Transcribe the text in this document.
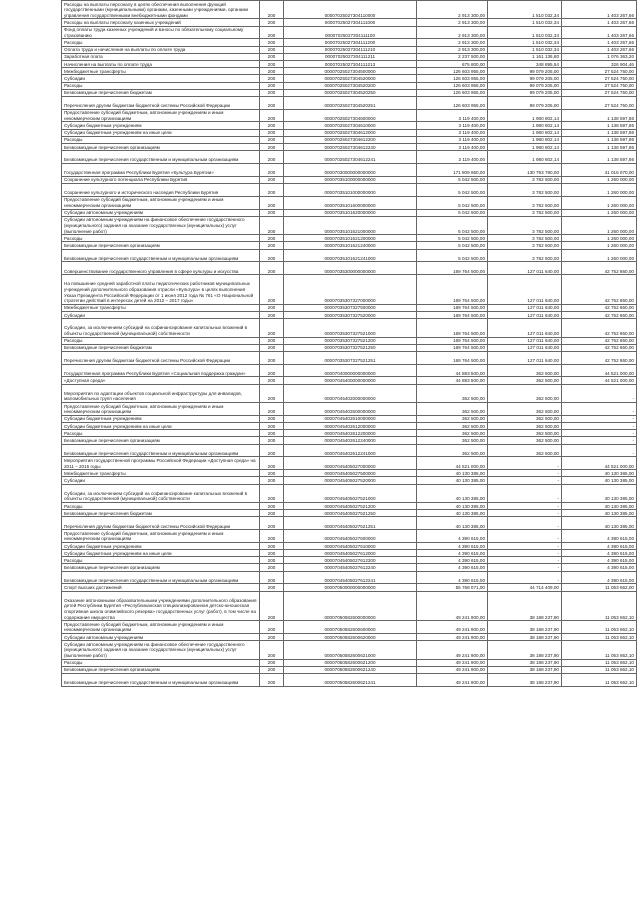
Расходы на выплаты персоналу в целях обеспечения выполнения функций государственными (муниципальными) органами, казенными учреждениями, органами управления государственными внебюджетными фондами	200	00007025027304110000	2 913 300,00	1 510 032,34	1 403 267,66
Расходы на выплаты персоналу казенных учреждений	200	00007025027304111000	2 913 300,00	1 510 032,34	1 403 267,66
Фонд оплаты труда казенных учреждений и взносы по обязательному социальному страхованию	200	00007025027304111100	2 913 300,00	1 510 032,34	1 403 267,66
Расходы	200	00007025027304111200	2 913 300,00	1 510 032,34	1 403 267,66
Оплата труда и начисления на выплаты по оплате труда	200	00007025027304111210	2 913 300,00	1 510 032,34	1 403 267,66
Заработная плата	200	00007025027304111211	2 237 500,00	1 161 136,80	1 076 363,20
Начисления на выплаты по оплате труда	200	00007025027304111213	675 800,00	348 895,54	326 904,46
Межбюджетные трансферты	200	00007025027304500000	126 603 955,00	99 079 205,00	27 524 750,00
Субсидии	200	00007025027304520000	126 603 955,00	99 079 205,00	27 524 750,00
Расходы	200	00007025027304520200	126 603 955,00	99 079 205,00	27 524 750,00
Безвозмездные перечисления бюджетам	200	00007025027304520250	126 603 955,00	99 079 205,00	27 524 750,00
Перечисления другим бюджетам бюджетной системы Российской Федерации	200	00007025027304520251	126 603 955,00	99 079 205,00	27 524 750,00
Предоставление субсидий бюджетным, автономным учреждениям и иным некоммерческим организациям	200	00007025027304600000	3 119 400,00	1 980 802,14	1 138 597,86
Субсидии бюджетным учреждениям	200	00007025027304610000	3 119 400,00	1 980 802,14	1 138 597,86
Субсидии бюджетным учреждениям на иные цели	200	00007025027304612000	3 119 400,00	1 980 802,14	1 138 597,86
Расходы	200	00007025027304612200	3 119 400,00	1 980 802,14	1 138 597,86
Безвозмездные перечисления организациям	200	00007025027304612240	3 119 400,00	1 980 802,14	1 138 597,86
Безвозмездные перечисления государственным и муниципальным организациям	200	00007025027304612241	3 119 400,00	1 980 802,14	1 138 597,86
Государственная программа Республики Бурятия «Культура Бурятии»	200	00007030000000000000	171 809 850,00	130 793 780,00	41 016 070,00
Сохранение культурного потенциала Республики Бурятия	200	00007035100000000000	5 042 500,00	3 782 500,00	1 260 000,00
Сохранение культурного и исторического наследия Республики Бурятия	200	00007035101000000000	5 042 500,00	3 782 500,00	1 260 000,00
Предоставление субсидий бюджетным, автономным учреждениям и иным некоммерческим организациям	200	00007035101600000000	5 042 500,00	3 782 500,00	1 260 000,00
Субсидии автономным учреждениям	200	00007035101620000000	5 042 500,00	3 782 500,00	1 260 000,00
Субсидии автономным учреждениям на финансовое обеспечение государственного (муниципального) задания на оказание государственных (муниципальных) услуг (выполнение работ)	200	00007035101621000000	5 042 500,00	3 782 500,00	1 260 000,00
Расходы	200	00007035101621200000	5 042 500,00	3 782 500,00	1 260 000,00
Безвозмездные перечисления организациям	200	00007035101621240000	5 042 500,00	3 782 500,00	1 260 000,00
Безвозмездные перечисления государственным и муниципальным организациям	200	00007035101621241000	5 042 500,00	3 782 500,00	1 260 000,00
Совершенствование государственного управления в сфере культуры и искусства	200	00007035300000000000	169 764 500,00	127 011 640,00	42 752 860,00
На повышение средней заработной платы педагогических работников муниципальных учреждений дополнительного образования отрасли «Культура» в целях выполнения Указа Президента Российской Федерации от 1 июня 2012 года № 761 «О Национальной стратегии действий в интересах детей на 2012 – 2017 годы»	200	00007035307327000000	169 764 500,00	127 011 640,00	42 752 860,00
Межбюджетные трансферты	200	00007035307327500000	169 764 500,00	127 011 640,00	42 752 860,00
Субсидии	200	00007035307327520000	169 764 500,00	127 011 640,00	42 752 860,00
Субсидии, за исключением субсидий на софинансирование капитальных вложений в объекты государственной (муниципальной) собственности	200	00007035307327521000	169 764 500,00	127 011 640,00	42 752 860,00
Расходы	200	00007035307327521200	169 764 500,00	127 011 640,00	42 752 860,00
Безвозмездные перечисления бюджетам	200	00007035307327521250	169 764 500,00	127 011 640,00	42 752 860,00
Перечисления другим бюджетам бюджетной системы Российской Федерации	200	00007035307327521251	169 764 500,00	127 011 640,00	42 752 860,00
Государственная программа Республики Бурятия «Социальная поддержка граждан»	200	00007040000000000000	44 883 500,00	362 500,00	44 521 000,00
«Доступная среда»	200	00007045400000000000	44 883 500,00	362 500,00	44 521 000,00
Мероприятия по адаптации объектов социальной инфраструктуры для инвалидов, маломобильных групп населения	200	00007045402000000000	362 500,00	362 500,00	-
Предоставление субсидий бюджетным, автономным учреждениям и иным некоммерческим организациям	200	00007045402600000000	362 500,00	362 500,00	-
Субсидии бюджетным учреждениям	200	00007045402610000000	362 500,00	362 500,00	-
Субсидии бюджетным учреждениям на иные цели	200	00007045402612000000	362 500,00	362 500,00	-
Расходы	200	00007045402612200000	362 500,00	362 500,00	-
Безвозмездные перечисления организациям	200	00007045402612240000	362 500,00	362 500,00	-
Безвозмездные перечисления государственным и муниципальным организациям	200	00007045402612241000	362 500,00	362 500,00	-
Мероприятия государственной программы Российской Федерации «Доступная среда» на 2011 – 2015 годы	200	00007045405027000000	44 521 000,00	-	44 521 000,00
Межбюджетные трансферты	200	00007045405027500000	40 130 385,00	-	40 130 385,00
Субсидии	200	00007045405027520000	40 130 385,00	-	40 130 385,00
Субсидии, за исключением субсидий на софинансирование капитальных вложений в объекты государственной (муниципальной) собственности	200	00007045405027521000	40 130 385,00	-	40 130 385,00
Расходы	200	00007045405027521200	40 130 385,00	-	40 130 385,00
Безвозмездные перечисления бюджетам	200	00007045405027521250	40 130 385,00	-	40 130 385,00
Перечисления другим бюджетам бюджетной системы Российской Федерации	200	00007045405027521251	40 130 385,00	-	40 130 385,00
Предоставление субсидий бюджетным, автономным учреждениям и иным некоммерческим организациям	200	00007045405027600000	4 390 615,00	-	4 390 615,00
Субсидии бюджетным учреждениям	200	00007045405027610000	4 390 615,00	-	4 390 615,00
Субсидии бюджетным учреждениям на иные цели	200	00007045405027612000	4 390 615,00	-	4 390 615,00
Расходы	200	00007045405027612200	4 390 615,00	-	4 390 615,00
Безвозмездные перечисления организациям	200	00007045405027612240	4 390 615,00	-	4 390 615,00
Безвозмездные перечисления государственным и муниципальным организациям	200	00007045405027612241	4 390 615,00	-	4 390 615,00
Спорт высших достижений	200	00007050000000000000	55 768 071,00	44 714 409,00	11 053 662,00
Оказание автономными образовательными учреждениями дополнительного образования детей Республики Бурятия «Республиканская специализированная детско-юношеская спортивная школа олимпийского резерва» государственных услуг (работ), в том числе на содержание имущества	200	00007050582600000000	49 241 900,00	38 188 237,90	11 053 662,10
Предоставление субсидий бюджетным, автономным учреждениям и иным некоммерческим организациям	200	00007050582600600000	49 241 900,00	38 188 237,90	11 053 662,10
Субсидии автономным учреждениям	200	00007050582600620000	49 241 900,00	38 188 237,90	11 053 662,10
Субсидии автономным учреждениям на финансовое обеспечение государственного (муниципального) задания на оказание государственных (муниципальных) услуг (выполнение работ)	200	00007050582600621000	49 241 900,00	38 188 237,90	11 053 662,10
Расходы	200	00007050582600621200	49 241 900,00	38 188 237,90	11 053 662,10
Безвозмездные перечисления организациям	200	00007050582600621240	49 241 900,00	38 188 237,90	11 053 662,10
Безвозмездные перечисления государственным и муниципальным организациям	200	00007050582600621241	49 241 900,00	38 188 237,90	11 053 662,10
